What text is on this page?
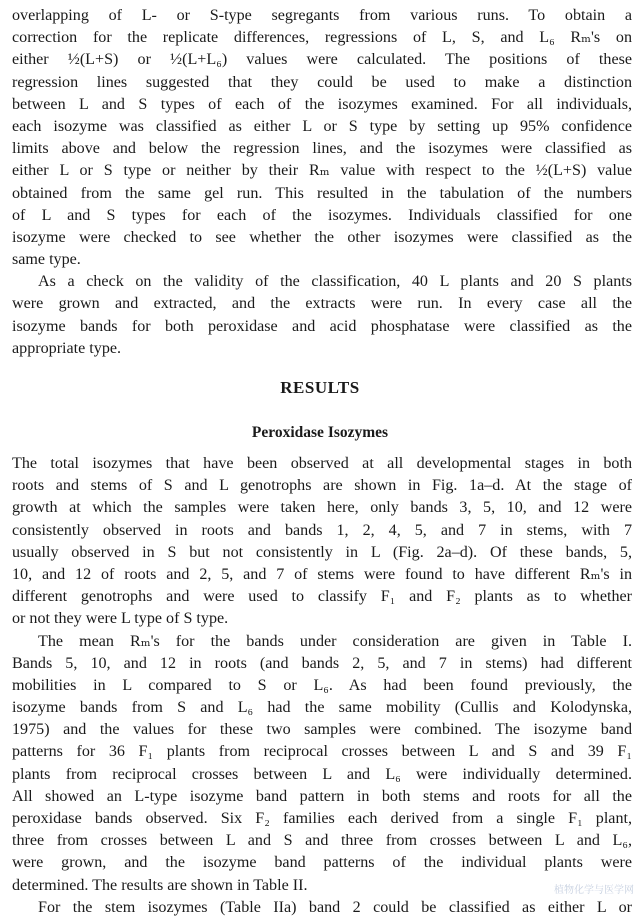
overlapping of L- or S-type segregants from various runs. To obtain a
correction for the replicate differences, regressions of L, S, and L₆ Rₘ's on
either ½(L+S) or ½(L+L₆) values were calculated. The positions of these
regression lines suggested that they could be used to make a distinction
between L and S types of each of the isozymes examined. For all individuals,
each isozyme was classified as either L or S type by setting up 95% confidence
limits above and below the regression lines, and the isozymes were classified as
either L or S type or neither by their Rₘ value with respect to the ½(L+S) value
obtained from the same gel run. This resulted in the tabulation of the numbers
of L and S types for each of the isozymes. Individuals classified for one
isozyme were checked to see whether the other isozymes were classified as the
same type.
As a check on the validity of the classification, 40 L plants and 20 S plants
were grown and extracted, and the extracts were run. In every case all the
isozyme bands for both peroxidase and acid phosphatase were classified as the
appropriate type.
RESULTS
Peroxidase Isozymes
The total isozymes that have been observed at all developmental stages in both
roots and stems of S and L genotrophs are shown in Fig. 1a–d. At the stage of
growth at which the samples were taken here, only bands 3, 5, 10, and 12 were
consistently observed in roots and bands 1, 2, 4, 5, and 7 in stems, with 7
usually observed in S but not consistently in L (Fig. 2a–d). Of these bands, 5,
10, and 12 of roots and 2, 5, and 7 of stems were found to have different Rₘ's in
different genotrophs and were used to classify F₁ and F₂ plants as to whether
or not they were L type of S type.
The mean Rₘ's for the bands under consideration are given in Table I.
Bands 5, 10, and 12 in roots (and bands 2, 5, and 7 in stems) had different
mobilities in L compared to S or L₆. As had been found previously, the
isozyme bands from S and L₆ had the same mobility (Cullis and Kolodynska,
1975) and the values for these two samples were combined. The isozyme band
patterns for 36 F₁ plants from reciprocal crosses between L and S and 39 F₁
plants from reciprocal crosses between L and L₆ were individually determined.
All showed an L-type isozyme band pattern in both stems and roots for all the
peroxidase bands observed. Six F₂ families each derived from a single F₁ plant,
three from crosses between L and S and three from crosses between L and L₆,
were grown, and the isozyme band patterns of the individual plants were
determined. The results are shown in Table II.
For the stem isozymes (Table IIa) band 2 could be classified as either L or
植物化学与医学网
